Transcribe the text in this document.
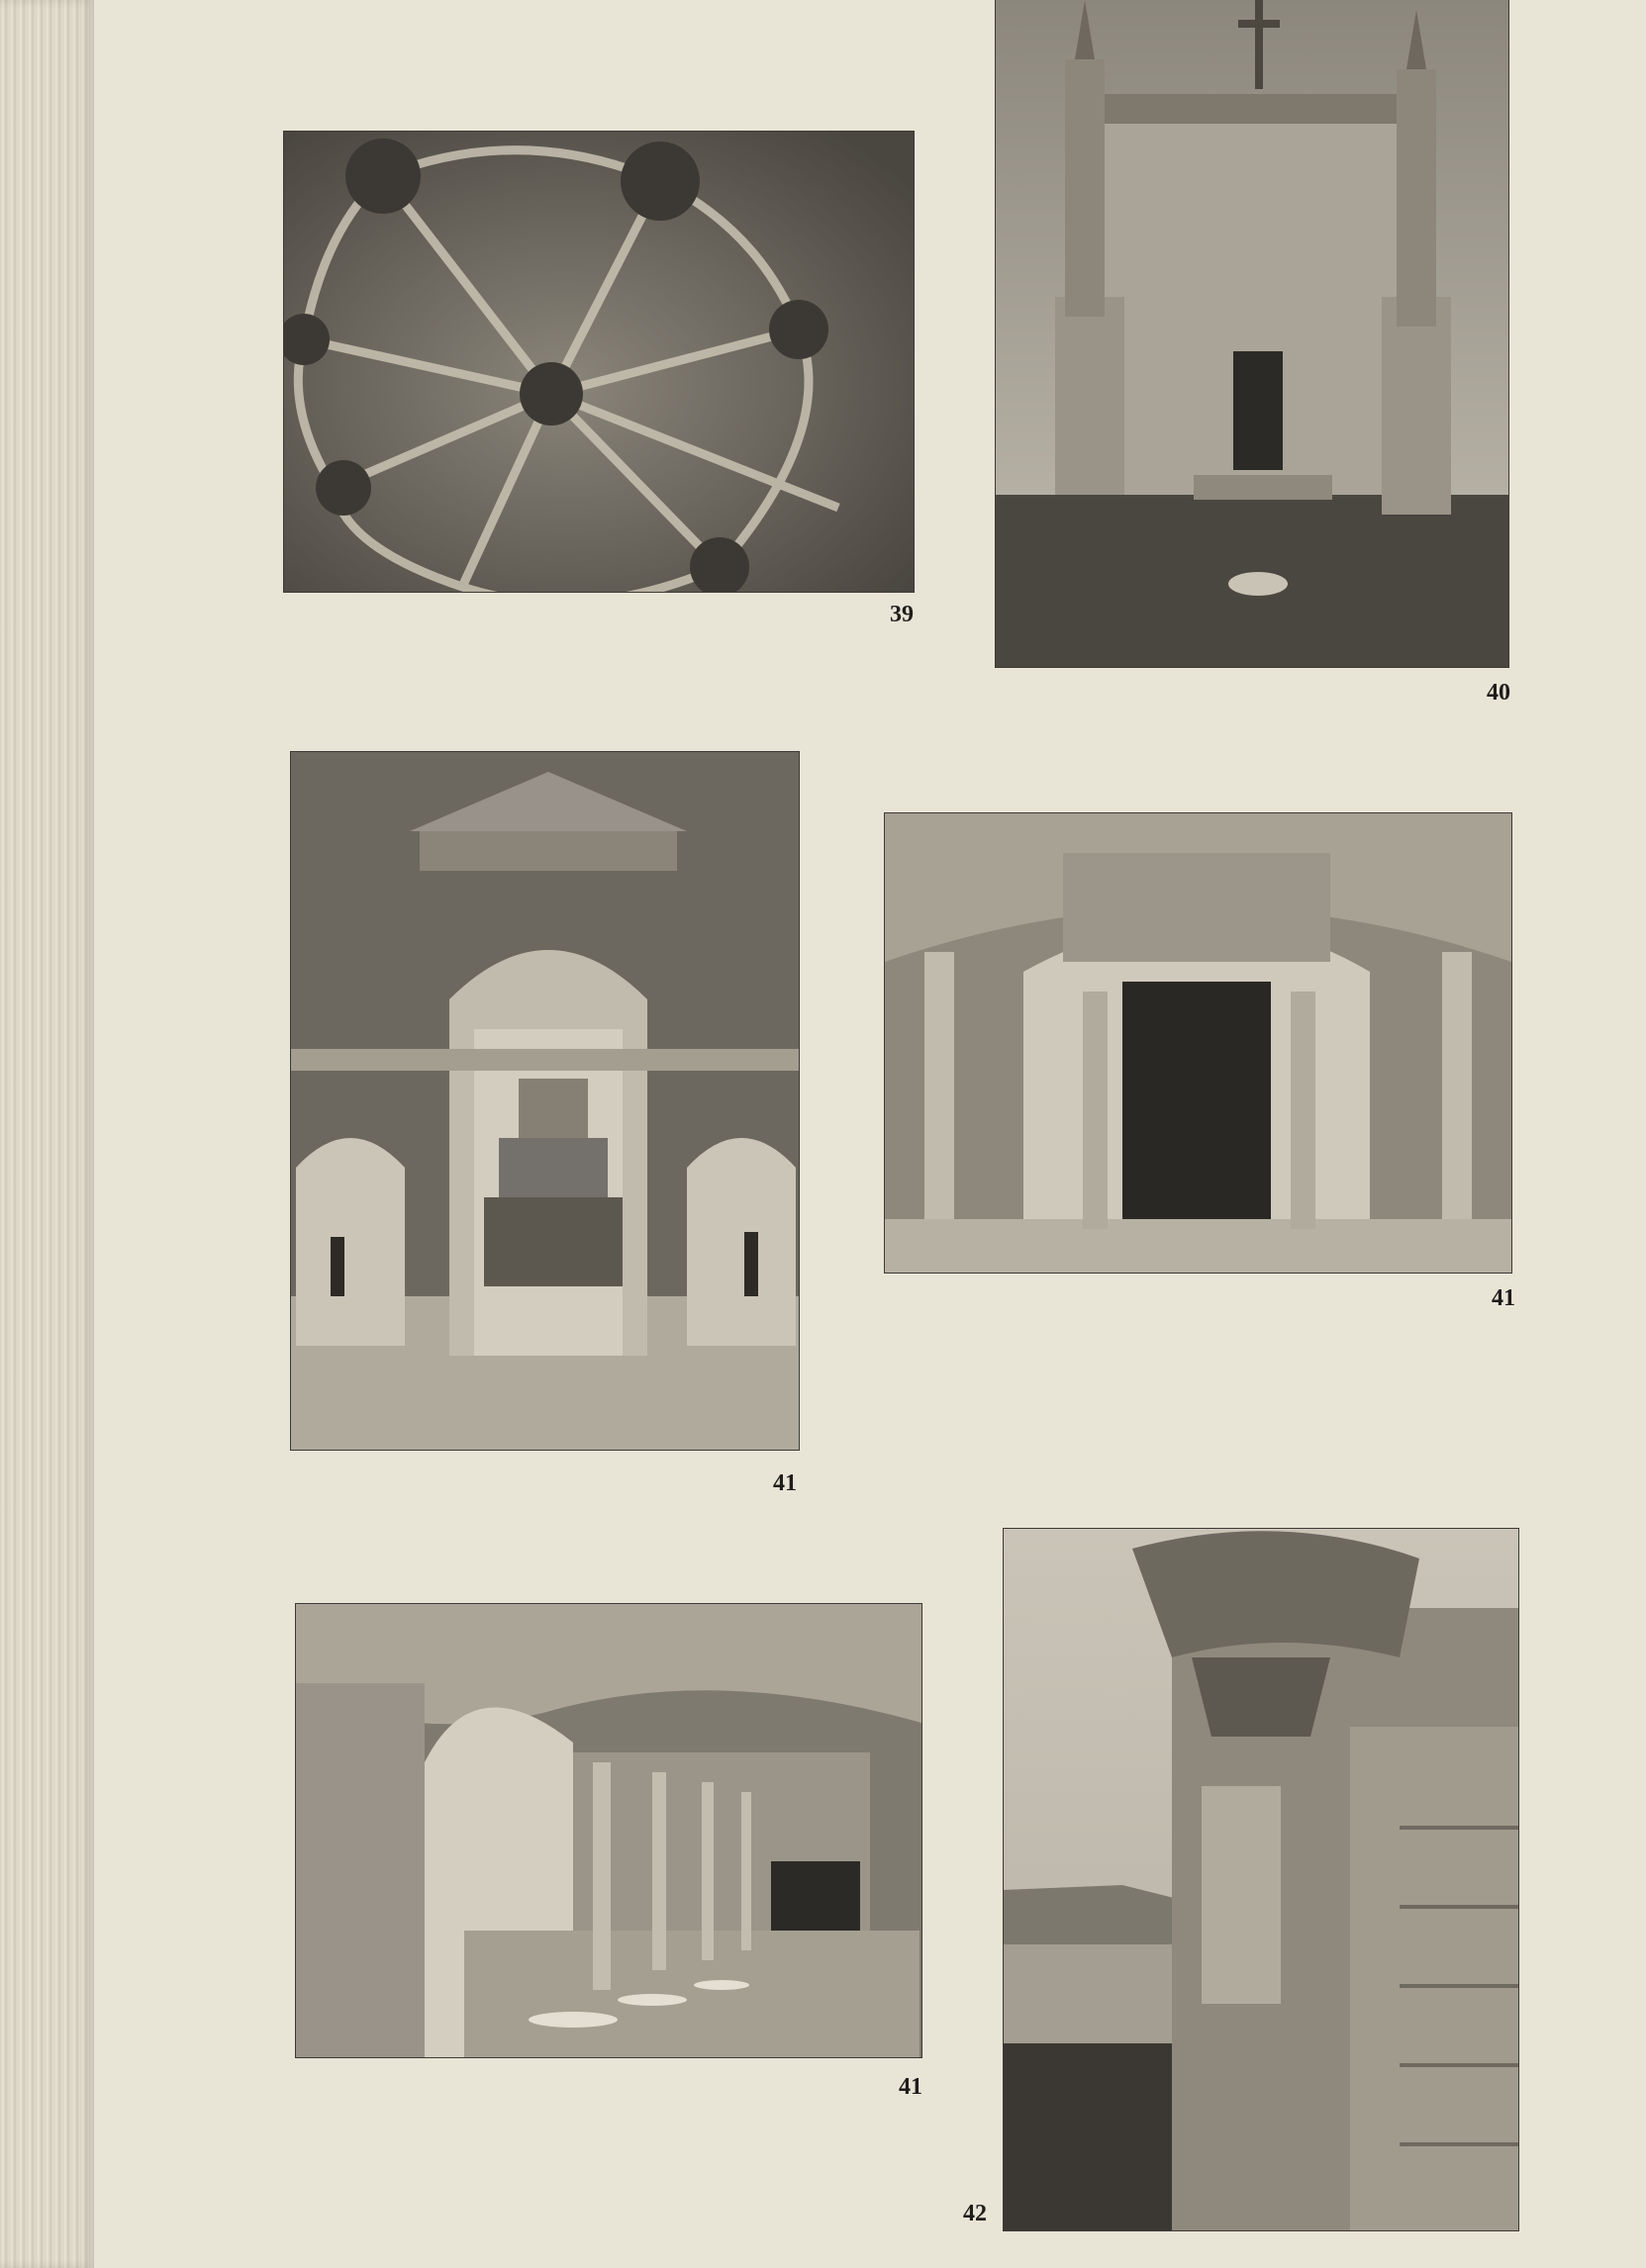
39
40
41
41
41
42
